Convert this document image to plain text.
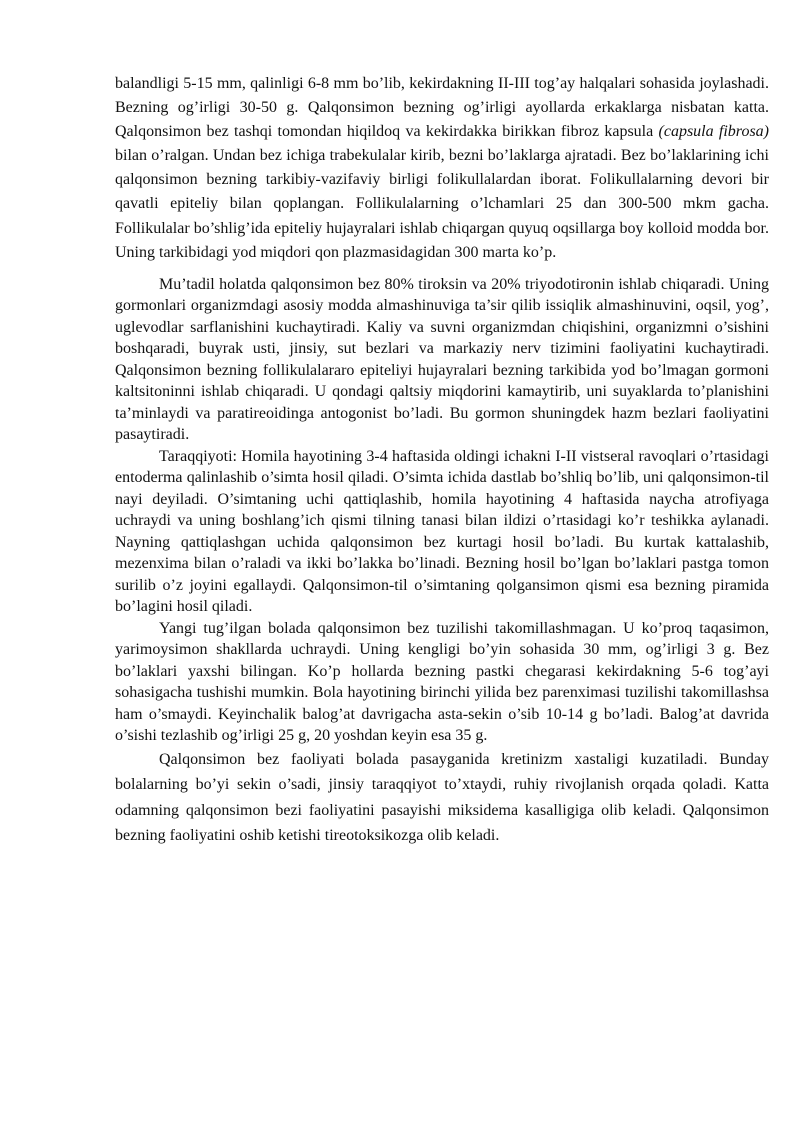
balandligi 5-15 mm, qalinligi 6-8 mm bo’lib, kekirdakning II-III tog’ay halqalari sohasida joylashadi. Bezning og’irligi 30-50 g. Qalqonsimon bezning og’irligi ayollarda erkaklarga nisbatan katta. Qalqonsimon bez tashqi tomondan hiqildoq va kekirdakka birikkan fibroz kapsula (capsula fibrosa) bilan o’ralgan. Undan bez ichiga trabekulalar kirib, bezni bo’laklarga ajratadi. Bez bo’laklarining ichi qalqonsimon bezning tarkibiy-vazifaviy birligi folikullalardan iborat. Folikullalarning devori bir qavatli epiteliy bilan qoplangan. Follikulalarning o’lchamlari 25 dan 300-500 mkm gacha. Follikulalar bo’shlig’ida epiteliy hujayralari ishlab chiqargan quyuq oqsillarga boy kolloid modda bor. Uning tarkibidagi yod miqdori qon plazmasidagidan 300 marta ko’p.

Mu’tadil holatda qalqonsimon bez 80% tiroksin va 20% triyodotironin ishlab chiqaradi. Uning gormonlari organizmdagi asosiy modda almashinuviga ta’sir qilib issiqlik almashinuvini, oqsil, yog’, uglevodlar sarflanishini kuchaytiradi. Kaliy va suvni organizmdan chiqishini, organizmni o’sishini boshqaradi, buyrak usti, jinsiy, sut bezlari va markaziy nerv tizimini faoliyatini kuchaytiradi. Qalqonsimon bezning follikulalararo epiteliyi hujayralari bezning tarkibida yod bo’lmagan gormoni kaltsitoninni ishlab chiqaradi. U qondagi qaltsiy miqdorini kamaytirib, uni suyaklarda to’planishini ta’minlaydi va paratireoidinga antogonist bo’ladi. Bu gormon shuningdek hazm bezlari faoliyatini pasaytiradi.

Taraqqiyoti: Homila hayotining 3-4 haftasida oldingi ichakni I-II vistseral ravoqlari o’rtasidagi entoderma qalinlashib o’simta hosil qiladi. O’simta ichida dastlab bo’shliq bo’lib, uni qalqonsimon-til nayi deyiladi. O’simtaning uchi qattiqlashib, homila hayotining 4 haftasida naycha atrofiyaga uchraydi va uning boshlang’ich qismi tilning tanasi bilan ildizi o’rtasidagi ko’r teshikka aylanadi. Nayning qattiqlashgan uchida qalqonsimon bez kurtagi hosil bo’ladi. Bu kurtak kattalashib, mezenxima bilan o’raladi va ikki bo’lakka bo’linadi. Bezning hosil bo’lgan bo’laklari pastga tomon surilib o’z joyini egallaydi. Qalqonsimon-til o’simtaning qolgansimon qismi esa bezning piramida bo’lagini hosil qiladi.

Yangi tug’ilgan bolada qalqonsimon bez tuzilishi takomillashmagan. U ko’proq taqasimon, yarimoysimon shakllarda uchraydi. Uning kengligi bo’yin sohasida 30 mm, og’irligi 3 g. Bez bo’laklari yaxshi bilingan. Ko’p hollarda bezning pastki chegarasi kekirdakning 5-6 tog’ayi sohasigacha tushishi mumkin. Bola hayotining birinchi yilida bez parenximasi tuzilishi takomillashsa ham o’smaydi. Keyinchalik balog’at davrigacha asta-sekin o’sib 10-14 g bo’ladi. Balog’at davrida o’sishi tezlashib og’irligi 25 g, 20 yoshdan keyin esa 35 g.

Qalqonsimon bez faoliyati bolada pasayganida kretinizm xastaligi kuzatiladi. Bunday bolalarning bo’yi sekin o’sadi, jinsiy taraqqiyot to’xtaydi, ruhiy rivojlanish orqada qoladi. Katta odamning qalqonsimon bezi faoliyatini pasayishi miksidema kasalligiga olib keladi. Qalqonsimon bezning faoliyatini oshib ketishi tireotoksikozga olib keladi.
